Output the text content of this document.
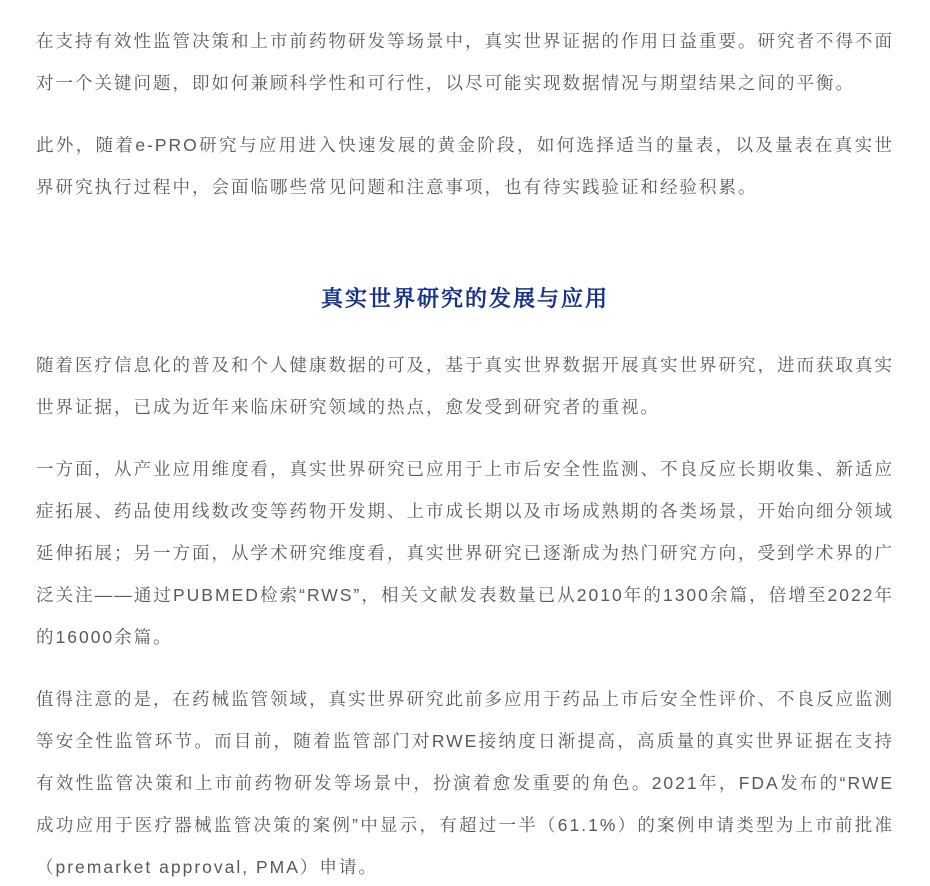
在支持有效性监管决策和上市前药物研发等场景中，真实世界证据的作用日益重要。研究者不得不面对一个关键问题，即如何兼顾科学性和可行性，以尽可能实现数据情况与期望结果之间的平衡。

此外，随着e-PRO研究与应用进入快速发展的黄金阶段，如何选择适当的量表，以及量表在真实世界研究执行过程中，会面临哪些常见问题和注意事项，也有待实践验证和经验积累。

真实世界研究的发展与应用

随着医疗信息化的普及和个人健康数据的可及，基于真实世界数据开展真实世界研究，进而获取真实世界证据，已成为近年来临床研究领域的热点，愈发受到研究者的重视。

一方面，从产业应用维度看，真实世界研究已应用于上市后安全性监测、不良反应长期收集、新适应症拓展、药品使用线数改变等药物开发期、上市成长期以及市场成熟期的各类场景，开始向细分领域延伸拓展；另一方面，从学术研究维度看，真实世界研究已逐渐成为热门研究方向，受到学术界的广泛关注——通过PUBMED检索“RWS”，相关文献发表数量已从2010年的1300余篇，倍增至2022年的16000余篇。

值得注意的是，在药械监管领域，真实世界研究此前多应用于药品上市后安全性评价、不良反应监测等安全性监管环节。而目前，随着监管部门对RWE接纳度日渐提高，高质量的真实世界证据在支持有效性监管决策和上市前药物研发等场景中，扮演着愈发重要的角色。2021年，FDA发布的“RWE成功应用于医疗器械监管决策的案例”中显示，有超过一半（61.1%）的案例申请类型为上市前批准（premarket approval, PMA）申请。
